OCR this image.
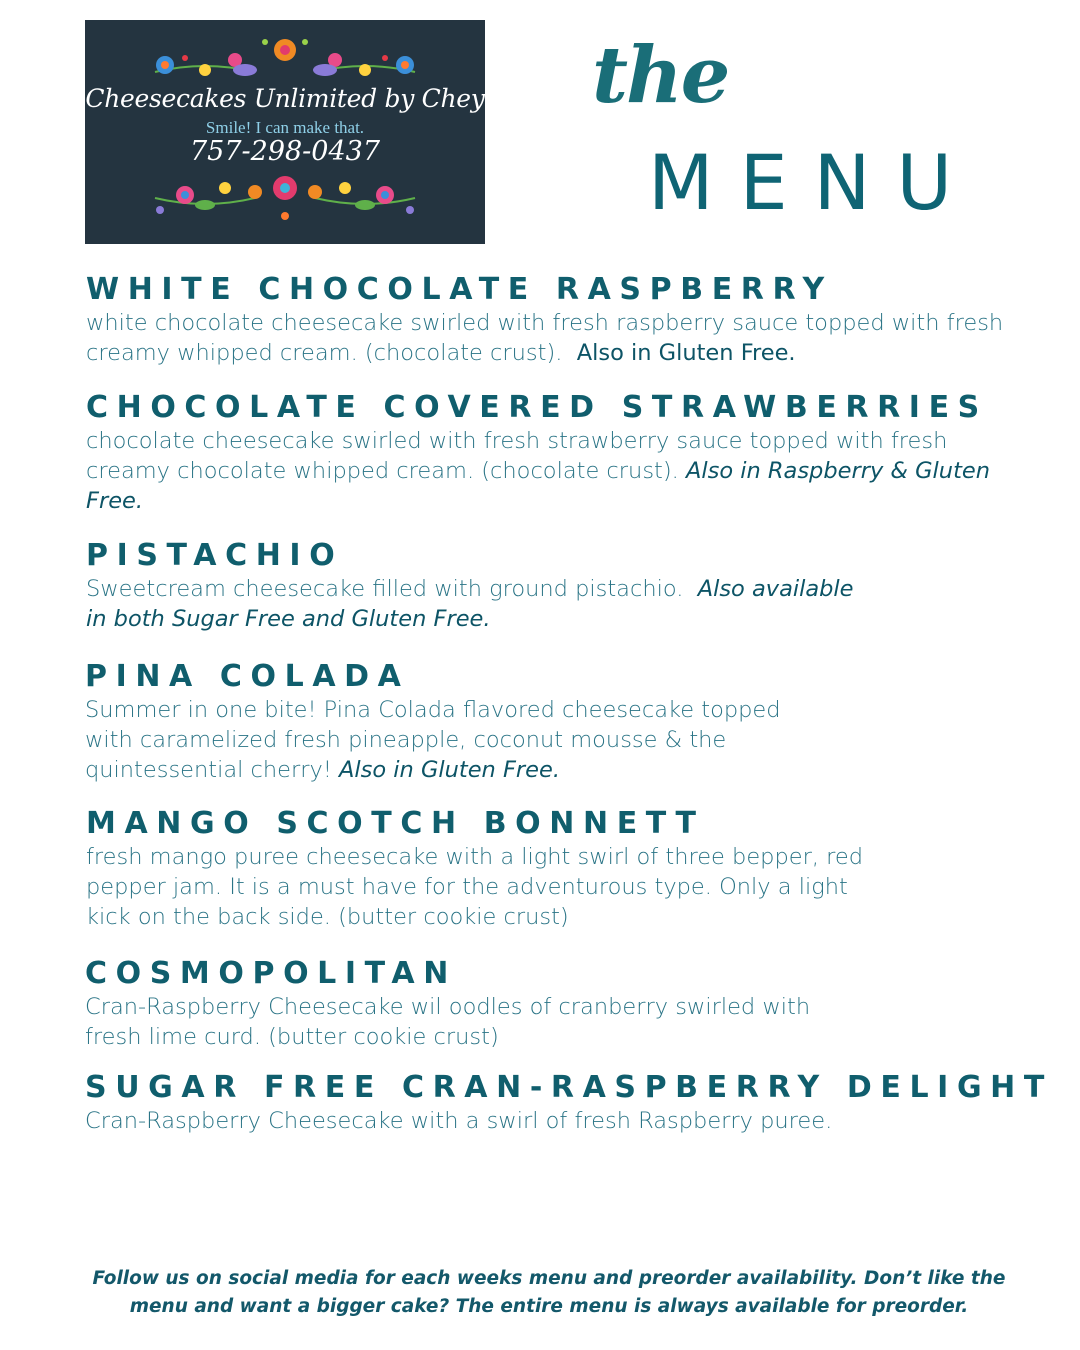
Cheesecakes Unlimited by Chey
Smile! I can make that.
757-298-0437
the
MENU
WHITE CHOCOLATE RASPBERRY

white chocolate cheesecake swirled with fresh raspberry sauce topped with fresh creamy whipped cream. (chocolate crust). Also in Gluten Free.

CHOCOLATE COVERED STRAWBERRIES

chocolate cheesecake swirled with fresh strawberry sauce topped with fresh creamy chocolate whipped cream. (chocolate crust). Also in Raspberry & Gluten Free.

PISTACHIO

Sweetcream cheesecake filled with ground pistachio. Also available in both Sugar Free and Gluten Free.

PINA COLADA

Summer in one bite! Pina Colada flavored cheesecake topped with caramelized fresh pineapple, coconut mousse & the quintessential cherry! Also in Gluten Free.

MANGO SCOTCH BONNETT

fresh mango puree cheesecake with a light swirl of three bepper, red pepper jam. It is a must have for the adventurous type. Only a light kick on the back side. (butter cookie crust)

COSMOPOLITAN

Cran-Raspberry Cheesecake wil oodles of cranberry swirled with fresh lime curd. (butter cookie crust)

SUGAR FREE CRAN-RASPBERRY DELIGHT

Cran-Raspberry Cheesecake with a swirl of fresh Raspberry puree.

Follow us on social media for each weeks menu and preorder availability. Don’t like the menu and want a bigger cake? The entire menu is always available for preorder.
